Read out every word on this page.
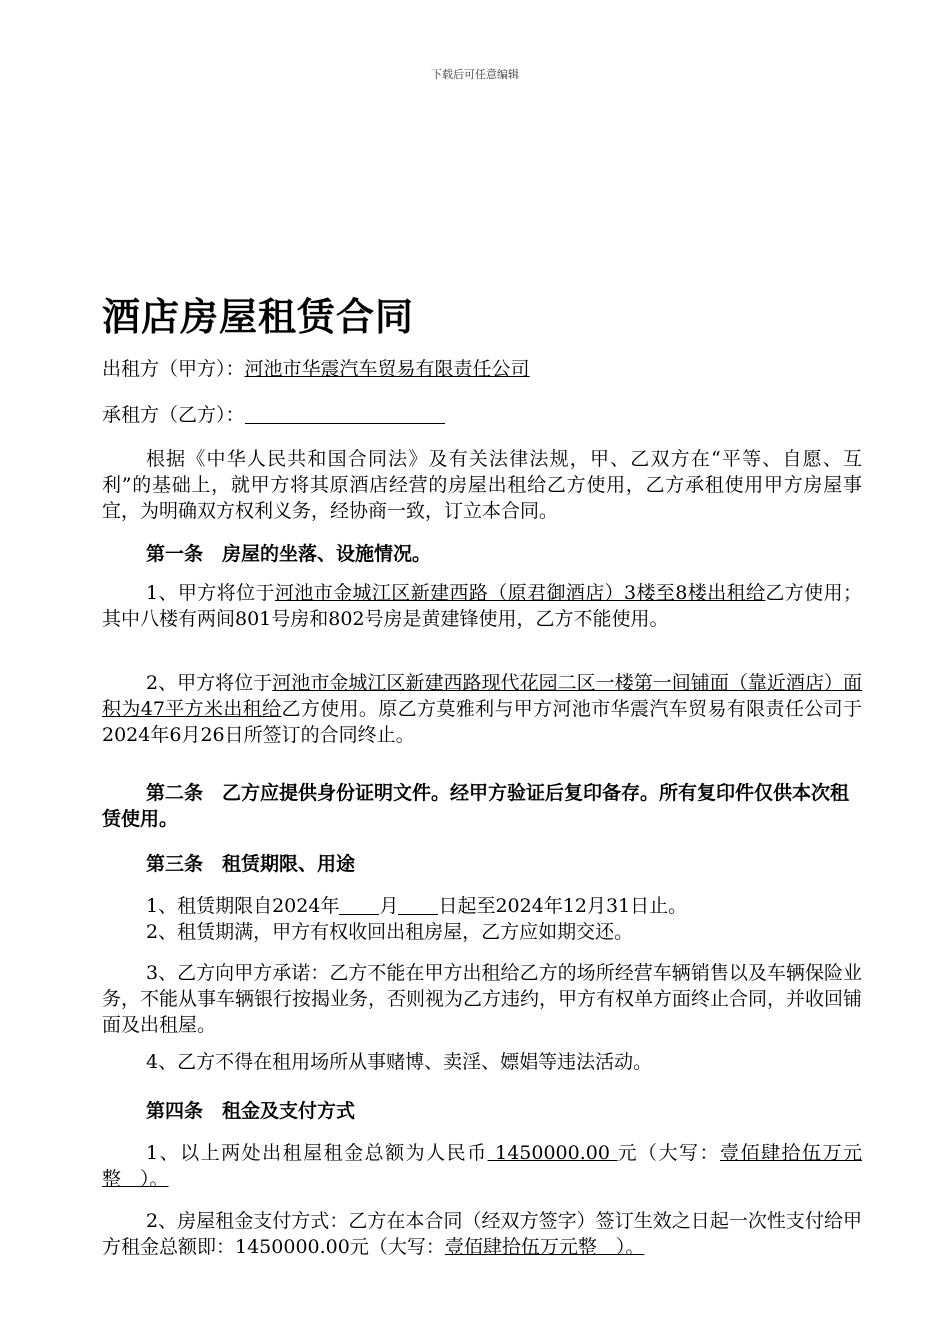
下载后可任意编辑
酒店房屋租赁合同
出租方（甲方）：河池市华震汽车贸易有限责任公司
承租方（乙方）：
根据《中华人民共和国合同法》及有关法律法规，甲、乙双方在“平等、自愿、互利”的基础上，就甲方将其原酒店经营的房屋出租给乙方使用，乙方承租使用甲方房屋事宜，为明确双方权利义务，经协商一致，订立本合同。
第一条　房屋的坐落、设施情况。
1、甲方将位于河池市金城江区新建西路（原君御酒店）3楼至8楼出租给乙方使用；其中八楼有两间801号房和802号房是黄建锋使用，乙方不能使用。
2、甲方将位于河池市金城江区新建西路现代花园二区一楼第一间铺面（靠近酒店）面积为47平方米出租给乙方使用。原乙方莫雅利与甲方河池市华震汽车贸易有限责任公司于2024年6月26日所签订的合同终止。
第二条　乙方应提供身份证明文件。经甲方验证后复印备存。所有复印件仅供本次租赁使用。
第三条　租赁期限、用途
1、租赁期限自2024年 月 日起至2024年12月31日止。
2、租赁期满，甲方有权收回出租房屋，乙方应如期交还。
3、乙方向甲方承诺：乙方不能在甲方出租给乙方的场所经营车辆销售以及车辆保险业务，不能从事车辆银行按揭业务，否则视为乙方违约，甲方有权单方面终止合同，并收回铺面及出租屋。
4、乙方不得在租用场所从事赌博、卖淫、嫖娼等违法活动。
第四条　租金及支付方式
1、以上两处出租屋租金总额为人民币 1450000.00 元（大写：壹佰肆拾伍万元整　）。
2、房屋租金支付方式：乙方在本合同（经双方签字）签订生效之日起一次性支付给甲方租金总额即：1450000.00元（大写：壹佰肆拾伍万元整　）。
